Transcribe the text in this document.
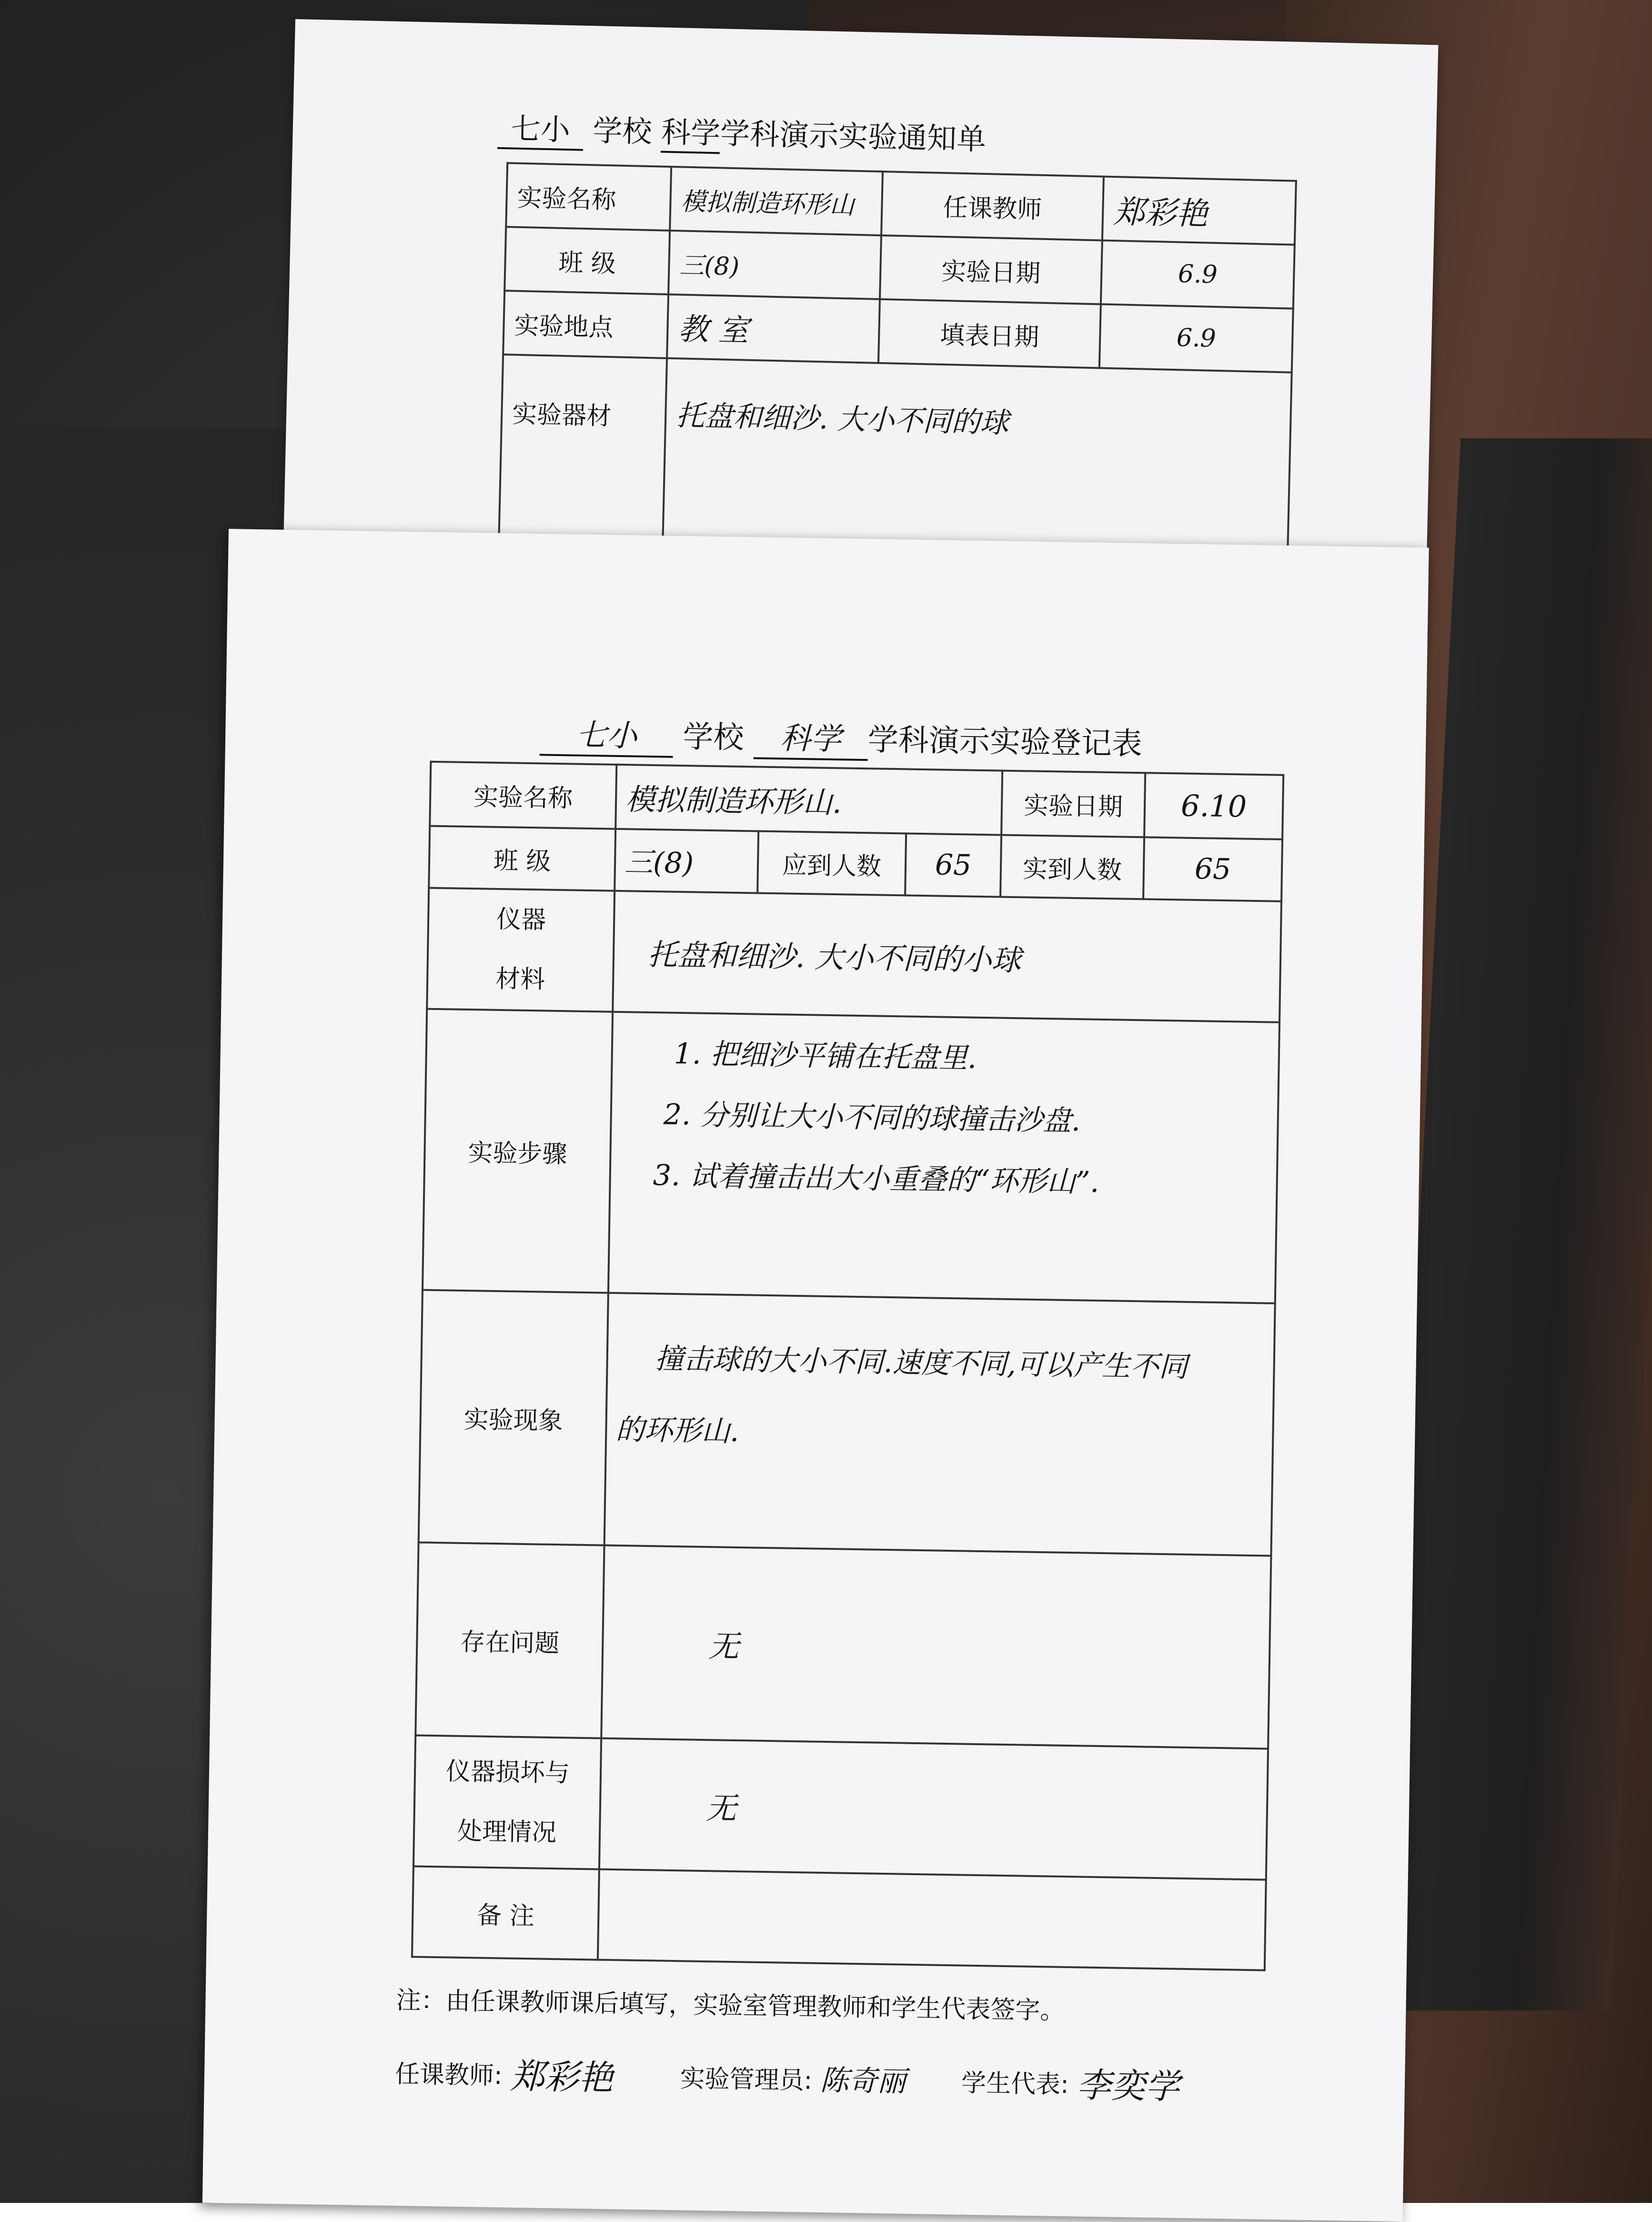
七小 学校 科学学科演示实验通知单
实验名称	模拟制造环形山	任课教师	郑彩艳
班 级	三(8)	实验日期	6.9
实验地点	教 室	填表日期	6.9
实验器材	托盘和细沙. 大小不同的球		
七小 学校 科学 学科演示实验登记表
实验名称	模拟制造环形山.			实验日期	6.10
班 级	三(8)	应到人数	65	实到人数	65

仪器
材料	托盘和细沙. 大小不同的小球				
实验步骤	1. 把细沙平铺在托盘里.
2. 分别让大小不同的球撞击沙盘.
3. 试着撞击出大小重叠的“环形山”.				

实验现象	撞击球的大小不同.速度不同,可以产生不同
的环形山.				

存在问题	无				

仪器损坏与
处理情况	无				
备 注					
注：由任课教师课后填写，实验室管理教师和学生代表签字。
任课教师: 郑彩艳	实验管理员: 陈奇丽 学生代表: 李奕学
